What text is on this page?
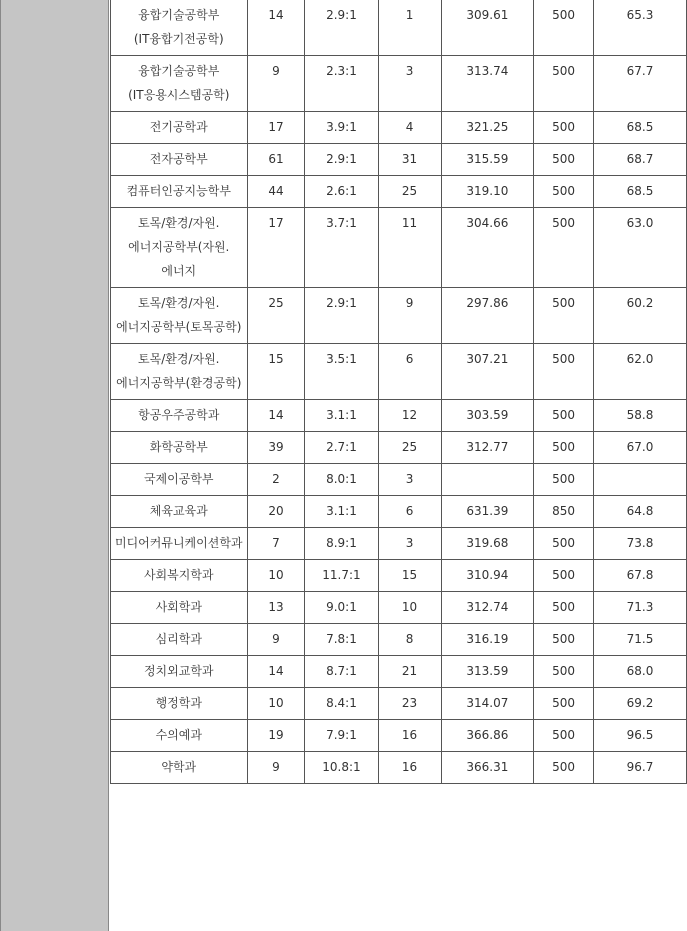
융합기술공학부(IT융합기전공학)	14	2.9:1	1	309.61	500	65.3
융합기술공학부(IT응용시스템공학)	9	2.3:1	3	313.74	500	67.7
전기공학과	17	3.9:1	4	321.25	500	68.5
전자공학부	61	2.9:1	31	315.59	500	68.7
컴퓨터인공지능학부	44	2.6:1	25	319.10	500	68.5
토목/환경/자원.에너지공학부(자원.에너지	17	3.7:1	11	304.66	500	63.0
토목/환경/자원.에너지공학부(토목공학)	25	2.9:1	9	297.86	500	60.2
토목/환경/자원.에너지공학부(환경공학)	15	3.5:1	6	307.21	500	62.0
항공우주공학과	14	3.1:1	12	303.59	500	58.8
화학공학부	39	2.7:1	25	312.77	500	67.0
국제이공학부	2	8.0:1	3		500	
체육교육과	20	3.1:1	6	631.39	850	64.8
미디어커뮤니케이션학과	7	8.9:1	3	319.68	500	73.8
사회복지학과	10	11.7:1	15	310.94	500	67.8
사회학과	13	9.0:1	10	312.74	500	71.3
심리학과	9	7.8:1	8	316.19	500	71.5
정치외교학과	14	8.7:1	21	313.59	500	68.0
행정학과	10	8.4:1	23	314.07	500	69.2
수의예과	19	7.9:1	16	366.86	500	96.5
약학과	9	10.8:1	16	366.31	500	96.7
